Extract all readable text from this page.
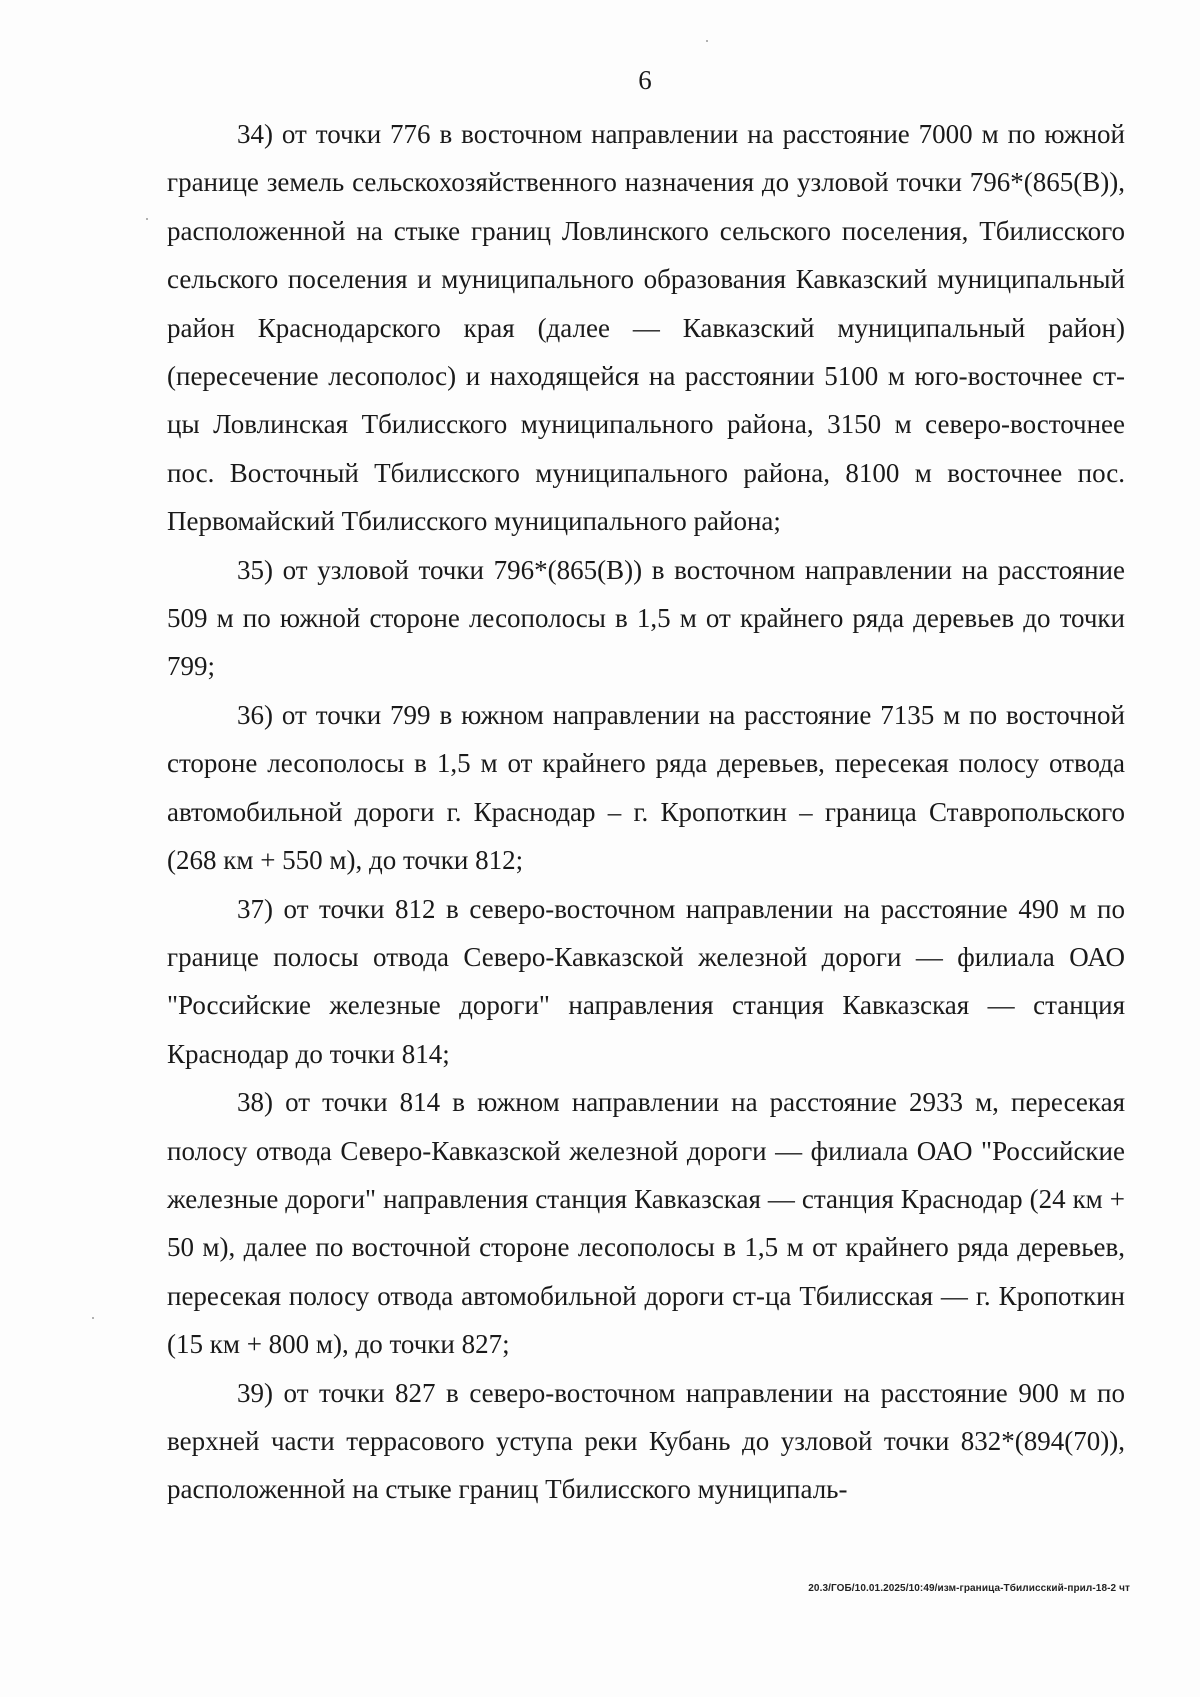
6

34) от точки 776 в восточном направлении на расстояние 7000 м по южной границе земель сельскохозяйственного назначения до узловой точки 796*(865(В)), расположенной на стыке границ Ловлинского сельского поселения, Тбилисского сельского поселения и муниципального образования Кавказский муниципальный район Краснодарского края (далее — Кавказский муниципальный район) (пересечение лесополос) и находящейся на расстоянии 5100 м юго-восточнее ст-цы Ловлинская Тбилисского муниципального района, 3150 м северо-восточнее пос. Восточный Тбилисского муниципального района, 8100 м восточнее пос. Первомайский Тбилисского муниципального района;

35) от узловой точки 796*(865(В)) в восточном направлении на расстояние 509 м по южной стороне лесополосы в 1,5 м от крайнего ряда деревьев до точки 799;

36) от точки 799 в южном направлении на расстояние 7135 м по восточной стороне лесополосы в 1,5 м от крайнего ряда деревьев, пересекая полосу отвода автомобильной дороги г. Краснодар – г. Кропоткин – граница Ставропольского (268 км + 550 м), до точки 812;

37) от точки 812 в северо-восточном направлении на расстояние 490 м по границе полосы отвода Северо-Кавказской железной дороги — филиала ОАО "Российские железные дороги" направления станция Кавказская — станция Краснодар до точки 814;

38) от точки 814 в южном направлении на расстояние 2933 м, пересекая полосу отвода Северо-Кавказской железной дороги — филиала ОАО "Российские железные дороги" направления станция Кавказская — станция Краснодар (24 км + 50 м), далее по восточной стороне лесополосы в 1,5 м от крайнего ряда деревьев, пересекая полосу отвода автомобильной дороги ст-ца Тбилисская — г. Кропоткин (15 км + 800 м), до точки 827;

39) от точки 827 в северо-восточном направлении на расстояние 900 м по верхней части террасового уступа реки Кубань до узловой точки 832*(894(70)), расположенной на стыке границ Тбилисского муниципаль-

20.3/ГОБ/10.01.2025/10:49/изм-граница-Тбилисский-прил-18-2 чт
